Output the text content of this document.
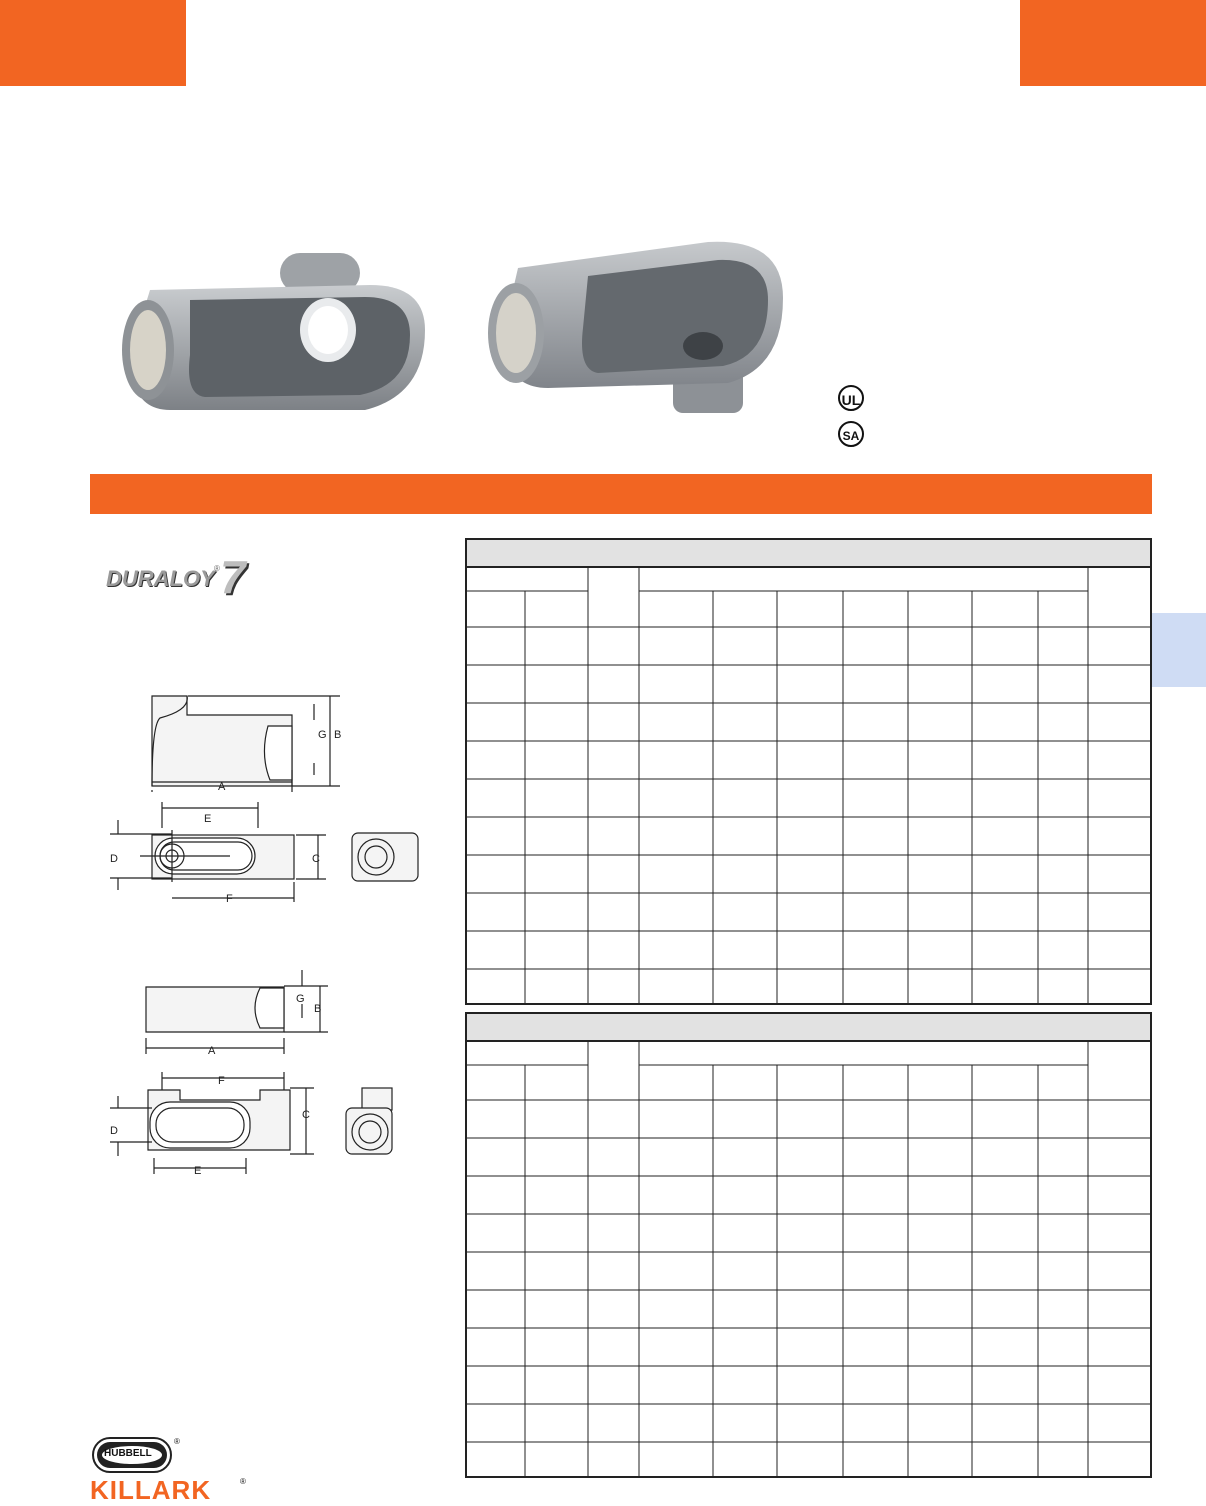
UL
SA
DURALOY ® 7
G B
A
E
D	C
F
G
B
A
F
D
C
E
HUBBELL
®
KILLARK	®
